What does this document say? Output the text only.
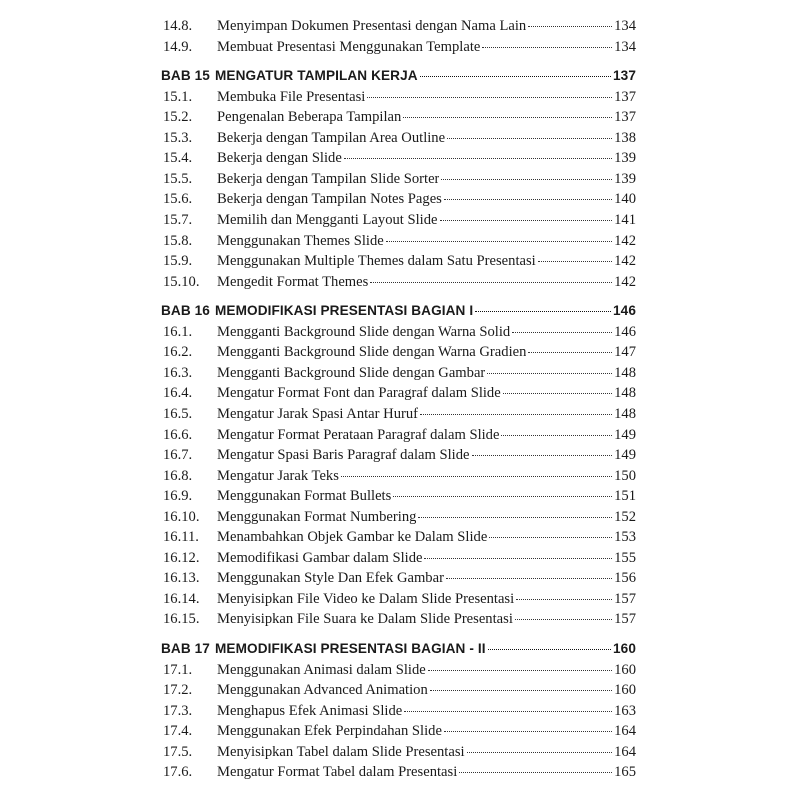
14.8.	Menyimpan Dokumen Presentasi dengan Nama Lain	134
14.9.	Membuat Presentasi Menggunakan Template	134
BAB 15 MENGATUR TAMPILAN KERJA	137
15.1.	Membuka File Presentasi	137
15.2.	Pengenalan Beberapa Tampilan	137
15.3.	Bekerja dengan Tampilan Area Outline	138
15.4.	Bekerja dengan Slide	139
15.5.	Bekerja dengan Tampilan Slide Sorter	139
15.6.	Bekerja dengan Tampilan Notes Pages	140
15.7.	Memilih dan Mengganti Layout Slide	141
15.8.	Menggunakan Themes Slide	142
15.9.	Menggunakan Multiple Themes dalam Satu Presentasi	142
15.10.	Mengedit Format Themes	142
BAB 16 MEMODIFIKASI PRESENTASI BAGIAN I	146
16.1.	Mengganti Background Slide dengan Warna Solid	146
16.2.	Mengganti Background Slide dengan Warna Gradien	147
16.3.	Mengganti Background Slide dengan Gambar	148
16.4.	Mengatur Format Font dan Paragraf dalam Slide	148
16.5.	Mengatur Jarak Spasi Antar Huruf	148
16.6.	Mengatur Format Perataan Paragraf dalam Slide	149
16.7.	Mengatur Spasi Baris Paragraf dalam Slide	149
16.8.	Mengatur Jarak Teks	150
16.9.	Menggunakan Format Bullets	151
16.10.	Menggunakan Format Numbering	152
16.11.	Menambahkan Objek Gambar ke Dalam Slide	153
16.12.	Memodifikasi Gambar dalam Slide	155
16.13.	Menggunakan Style Dan Efek Gambar	156
16.14.	Menyisipkan File Video ke Dalam Slide Presentasi	157
16.15.	Menyisipkan File Suara ke Dalam Slide Presentasi	157
BAB 17 MEMODIFIKASI PRESENTASI BAGIAN - II	160
17.1.	Menggunakan Animasi dalam Slide	160
17.2.	Menggunakan Advanced Animation	160
17.3.	Menghapus Efek Animasi Slide	163
17.4.	Menggunakan Efek Perpindahan Slide	164
17.5.	Menyisipkan Tabel dalam Slide Presentasi	164
17.6.	Mengatur Format Tabel dalam Presentasi	165
